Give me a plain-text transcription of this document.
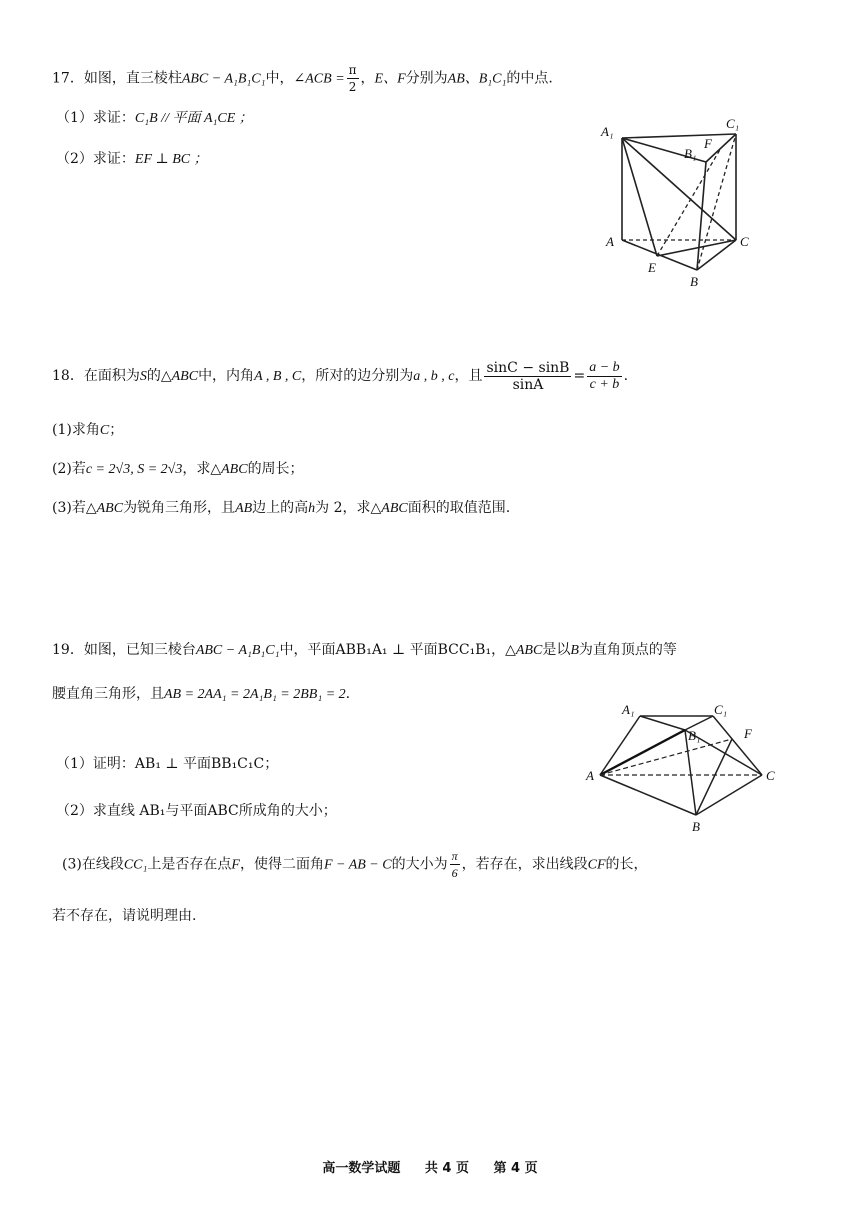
17．如图，直三棱柱ABC − A₁B₁C₁中，∠ACB = $\frac{\pi}{2}$ ，E、F分别为AB、B₁C₁的中点.
（1）求证：C₁B // 平面 A₁CE ；
（2）求证：EF ⊥ BC ；
A₁
C₁
B₁
F
A	C
E
B
18．在面积为S的△ABC中，内角A , B , C，所对的边分别为a , b , c，且 $\frac{\sin C - \sin B}{\sin A} = \frac{a - b}{c + b}$ .
(1)求角C；
(2)若c = 2√3, S = 2√3，求△ABC的周长；
(3)若△ABC为锐角三角形，且AB边上的高h为 2，求△ABC面积的取值范围.
19．如图，已知三棱台ABC − A₁B₁C₁中，平面ABB₁A₁ ⊥ 平面BCC₁B₁，△ABC是以B为直角顶点的等
腰直角三角形，且AB = 2AA₁ = 2A₁B₁ = 2BB₁ = 2.
（1）证明：AB₁ ⊥ 平面BB₁C₁C；
（2）求直线 AB₁与平面ABC所成角的大小；
(3)在线段CC₁上是否存在点F，使得二面角F − AB − C的大小为 $\frac{\pi}{6}$ ，若存在，求出线段CF的长，
若不存在，请说明理由.
A₁	C₁
B₁	F
A	C
B
高一数学试题 共 4 页 第 4 页
